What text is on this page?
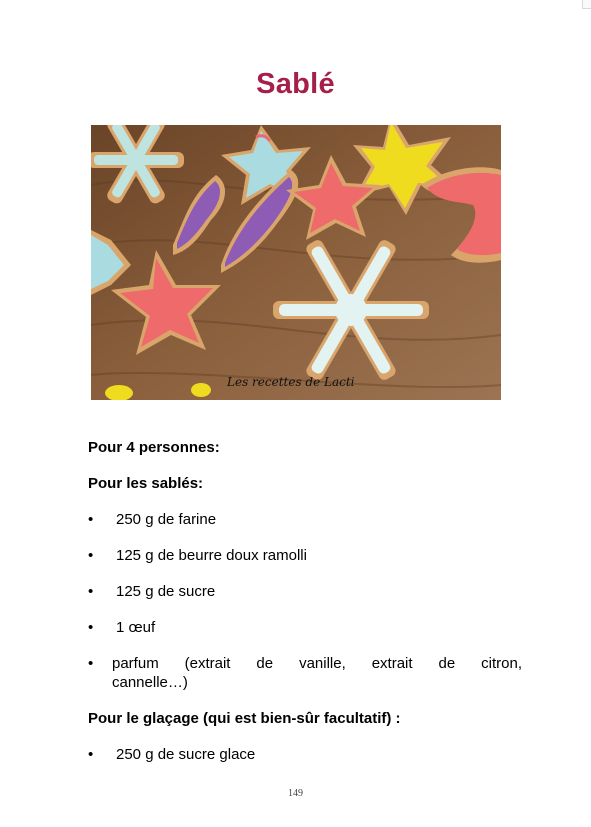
Sablé
Les recettes de Lacti

Pour 4 personnes:

Pour les sablés:

•	250 g de farine
•	125 g de beurre doux ramolli
•	125 g de sucre
•	1 œuf
•	parfum (extrait de vanille, extrait de citron,
cannelle…)

Pour le glaçage (qui est bien-sûr facultatif) :

•	250 g de sucre glace
149
